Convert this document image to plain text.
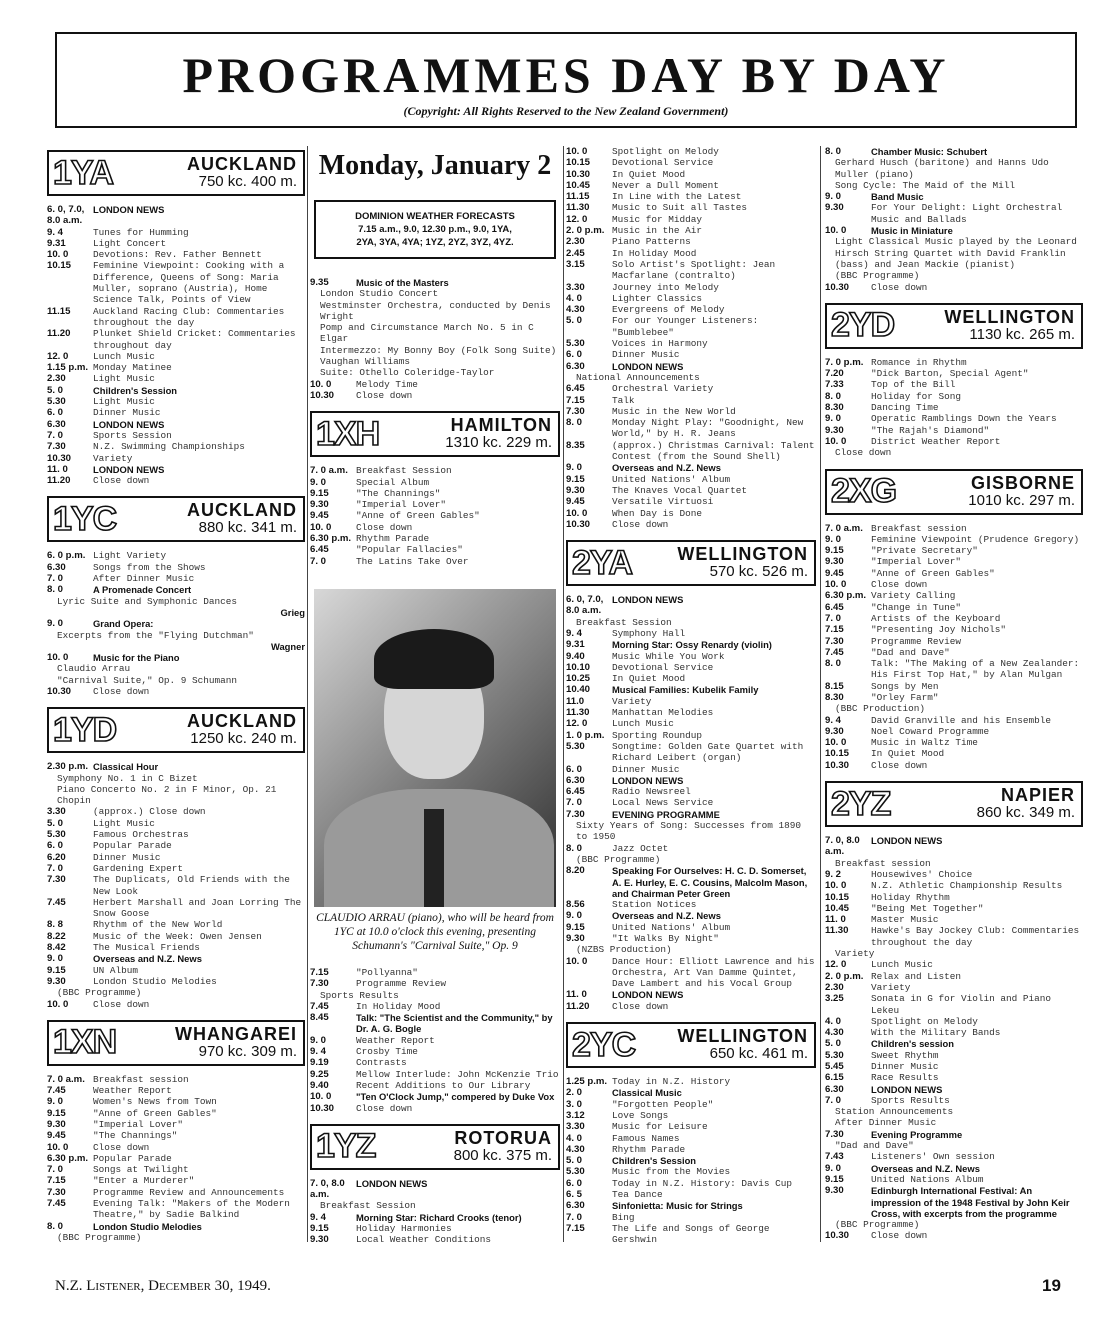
PROGRAMMES DAY BY DAY
(Copyright: All Rights Reserved to the New Zealand Government)
1YA	AUCKLAND
750 kc. 400 m.
6. 0, 7.0, 8.0 a.m.
LONDON NEWS
9. 4	Tunes for Humming
9.31	Light Concert
10. 0	Devotions: Rev. Father Bennett
10.15	Feminine Viewpoint: Cooking with a Difference, Queens of Song: Maria Muller, soprano (Austria), Home Science Talk, Points of View
11.15	Auckland Racing Club: Commentaries throughout the day
11.20	Plunket Shield Cricket: Commentaries throughout day
12. 0	Lunch Music
1.15 p.m. Monday Matinee
2.30	Light Music
5. 0	Children's Session
5.30	Light Music
6. 0	Dinner Music
6.30	LONDON NEWS
7. 0	Sports Session
7.30	N.Z. Swimming Championships
10.30	Variety
11. 0	LONDON NEWS
11.20	Close down
1YC	AUCKLAND
880 kc. 341 m.
6. 0 p.m. Light Variety
6.30	Songs from the Shows
7. 0	After Dinner Music
8. 0	A Promenade Concert
Lyric Suite and Symphonic Dances
Grieg
9. 0	Grand Opera:
Excerpts from the "Flying Dutchman"
Wagner
10. 0	Music for the Piano
Claudio Arrau
"Carnival Suite," Op. 9 Schumann
10.30	Close down
1YD	AUCKLAND
1250 kc. 240 m.
2.30 p.m. Classical Hour
Symphony No. 1 in C Bizet
Piano Concerto No. 2 in F Minor, Op. 21 Chopin
3.30	(approx.) Close down
5. 0	Light Music
5.30	Famous Orchestras
6. 0	Popular Parade
6.20	Dinner Music
7. 0	Gardening Expert
7.30	The Duplicats, Old Friends with the New Look
7.45	Herbert Marshall and Joan Lorring The Snow Goose
8. 8	Rhythm of the New World
8.22	Music of the Week: Owen Jensen
8.42	The Musical Friends
9. 0	Overseas and N.Z. News
9.15	UN Album
9.30	London Studio Melodies
(BBC Programme)
10. 0	Close down
1XN	WHANGAREI
970 kc. 309 m.
7. 0 a.m. Breakfast session
7.45	Weather Report
9. 0	Women's News from Town
9.15	"Anne of Green Gables"
9.30	"Imperial Lover"
9.45	"The Channings"
10. 0	Close down
6.30 p.m. Popular Parade
7. 0	Songs at Twilight
7.15	"Enter a Murderer"
7.30	Programme Review and Announcements
7.45	Evening Talk: "Makers of the Modern Theatre," by Sadie Balkind
8. 0	London Studio Melodies
(BBC Programme)
Monday, January 2
DOMINION WEATHER FORECASTS
7.15 a.m., 9.0, 12.30 p.m., 9.0, 1YA,
2YA, 3YA, 4YA; 1YZ, 2YZ, 3YZ, 4YZ.
9.35	Music of the Masters
London Studio Concert
Westminster Orchestra, conducted by Denis Wright
Pomp and Circumstance March No. 5 in C Elgar
Intermezzo: My Bonny Boy (Folk Song Suite) Vaughan Williams
Suite: Othello Coleridge-Taylor
10. 0	Melody Time
10.30	Close down
1XH	HAMILTON
1310 kc. 229 m.
7. 0 a.m. Breakfast Session
9. 0	Special Album
9.15	"The Channings"
9.30	"Imperial Lover"
9.45	"Anne of Green Gables"
10. 0	Close down
6.30 p.m. Rhythm Parade
6.45	"Popular Fallacies"
7. 0	The Latins Take Over
CLAUDIO ARRAU (piano), who will be heard from 1YC at 10.0 o'clock this evening, presenting Schumann's "Carnival Suite," Op. 9
7.15	"Pollyanna"
7.30	Programme Review
Sports Results
7.45	In Holiday Mood
8.45	Talk: "The Scientist and the Community," by Dr. A. G. Bogle
9. 0	Weather Report
9. 4	Crosby Time
9.19	Contrasts
9.25	Mellow Interlude: John McKenzie Trio
9.40	Recent Additions to Our Library
10. 0	"Ten O'Clock Jump," compered by Duke Vox
10.30	Close down
1YZ	ROTORUA
800 kc. 375 m.
7. 0, 8.0 a.m.
LONDON NEWS
Breakfast Session
9. 4	Morning Star: Richard Crooks (tenor)
9.15	Holiday Harmonies
9.30	Local Weather Conditions
10. 0	Spotlight on Melody
10.15	Devotional Service
10.30	In Quiet Mood
10.45	Never a Dull Moment
11.15	In Line with the Latest
11.30	Music to Suit all Tastes
12. 0	Music for Midday
2. 0 p.m. Music in the Air
2.30	Piano Patterns
2.45	In Holiday Mood
3.15	Solo Artist's Spotlight: Jean Macfarlane (contralto)
3.30	Journey into Melody
4. 0	Lighter Classics
4.30	Evergreens of Melody
5. 0	For our Younger Listeners: "Bumblebee"
5.30	Voices in Harmony
6. 0	Dinner Music
6.30	LONDON NEWS
National Announcements
6.45	Orchestral Variety
7.15	Talk
7.30	Music in the New World
8. 0	Monday Night Play: "Goodnight, New World," by H. R. Jeans
8.35	(approx.) Christmas Carnival: Talent Contest (from the Sound Shell)
9. 0	Overseas and N.Z. News
9.15	United Nations' Album
9.30	The Knaves Vocal Quartet
9.45	Versatile Virtuosi
10. 0	When Day is Done
10.30	Close down
2YA	WELLINGTON
570 kc. 526 m.
6. 0, 7.0, 8.0 a.m.
LONDON NEWS
Breakfast Session
9. 4	Symphony Hall
9.31	Morning Star: Ossy Renardy (violin)
9.40	Music While You Work
10.10	Devotional Service
10.25	In Quiet Mood
10.40	Musical Families: Kubelik Family
11.0	Variety
11.30	Manhattan Melodies
12. 0	Lunch Music
1. 0 p.m. Sporting Roundup
5.30	Songtime: Golden Gate Quartet with Richard Leibert (organ)
6. 0	Dinner Music
6.30	LONDON NEWS
6.45	Radio Newsreel
7. 0	Local News Service
7.30	EVENING PROGRAMME
Sixty Years of Song: Successes from 1890 to 1950
8. 0	Jazz Octet
(BBC Programme)
8.20	Speaking For Ourselves: H. C. D. Somerset, A. E. Hurley, E. C. Cousins, Malcolm Mason, and Chairman Peter Green
8.56	Station Notices
9. 0	Overseas and N.Z. News
9.15	United Nations' Album
9.30	"It Walks By Night"
(NZBS Production)
10. 0	Dance Hour: Elliott Lawrence and his Orchestra, Art Van Damme Quintet, Dave Lambert and his Vocal Group
11. 0	LONDON NEWS
11.20	Close down
2YC	WELLINGTON
650 kc. 461 m.
1.25 p.m. Today in N.Z. History
2. 0	Classical Music
3. 0	"Forgotten People"
3.12	Love Songs
3.30	Music for Leisure
4. 0	Famous Names
4.30	Rhythm Parade
5. 0	Children's Session
5.30	Music from the Movies
6. 0	Today in N.Z. History: Davis Cup
6. 5	Tea Dance
6.30	Sinfonietta: Music for Strings
7. 0	Bing
7.15	The Life and Songs of George Gershwin
8. 0	Chamber Music: Schubert
Gerhard Husch (baritone) and Hanns Udo Muller (piano)
Song Cycle: The Maid of the Mill
9. 0	Band Music
9.30	For Your Delight: Light Orchestral Music and Ballads
10. 0	Music in Miniature
Light Classical Music played by the Leonard Hirsch String Quartet with David Franklin (bass) and Jean Mackie (pianist)
(BBC Programme)
10.30	Close down
2YD	WELLINGTON
1130 kc. 265 m.
7. 0 p.m. Romance in Rhythm
7.20	"Dick Barton, Special Agent"
7.33	Top of the Bill
8. 0	Holiday for Song
8.30	Dancing Time
9. 0	Operatic Ramblings Down the Years
9.30	"The Rajah's Diamond"
10. 0	District Weather Report
Close down
2XG	GISBORNE
1010 kc. 297 m.
7. 0 a.m. Breakfast session
9. 0	Feminine Viewpoint (Prudence Gregory)
9.15	"Private Secretary"
9.30	"Imperial Lover"
9.45	"Anne of Green Gables"
10. 0	Close down
6.30 p.m. Variety Calling
6.45	"Change in Tune"
7. 0	Artists of the Keyboard
7.15	"Presenting Joy Nichols"
7.30	Programme Review
7.45	"Dad and Dave"
8. 0	Talk: "The Making of a New Zealander: His First Top Hat," by Alan Mulgan
8.15	Songs by Men
8.30	"Orley Farm"
(BBC Production)
9. 4	David Granville and his Ensemble
9.30	Noel Coward Programme
10. 0	Music in Waltz Time
10.15	In Quiet Mood
10.30	Close down
2YZ	NAPIER
860 kc. 349 m.
7. 0, 8.0 a.m.
LONDON NEWS
Breakfast session
9. 2	Housewives' Choice
10. 0	N.Z. Athletic Championship Results
10.15	Holiday Rhythm
10.45	"Being Met Together"
11. 0	Master Music
11.30	Hawke's Bay Jockey Club: Commentaries throughout the day
Variety
12. 0	Lunch Music
2. 0 p.m. Relax and Listen
2.30	Variety
3.25	Sonata in G for Violin and Piano Lekeu
4. 0	Spotlight on Melody
4.30	With the Military Bands
5. 0	Children's session
5.30	Sweet Rhythm
5.45	Dinner Music
6.15	Race Results
6.30	LONDON NEWS
7. 0	Sports Results
Station Announcements
After Dinner Music
7.30	Evening Programme
"Dad and Dave"
7.43	Listeners' Own session
9. 0	Overseas and N.Z. News
9.15	United Nations Album
9.30	Edinburgh International Festival: An impression of the 1948 Festival by John Keir Cross, with excerpts from the programme
(BBC Programme)
10.30	Close down

N.Z. Listener, December 30, 1949.	19
